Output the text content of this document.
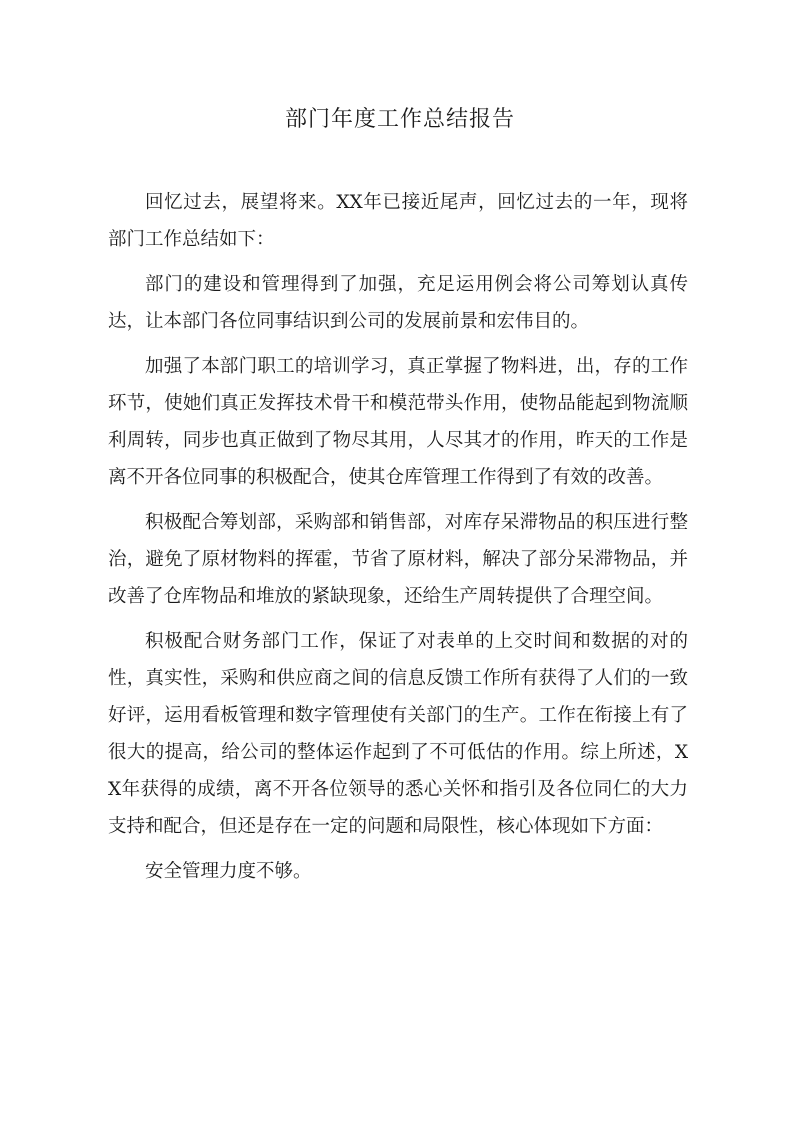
部门年度工作总结报告

回忆过去，展望将来。XX年已接近尾声，回忆过去的一年，现将部门工作总结如下：

部门的建设和管理得到了加强，充足运用例会将公司筹划认真传达，让本部门各位同事结识到公司的发展前景和宏伟目的。

加强了本部门职工的培训学习，真正掌握了物料进，出，存的工作环节，使她们真正发挥技术骨干和模范带头作用，使物品能起到物流顺利周转，同步也真正做到了物尽其用，人尽其才的作用，昨天的工作是离不开各位同事的积极配合，使其仓库管理工作得到了有效的改善。

积极配合筹划部，采购部和销售部，对库存呆滞物品的积压进行整治，避免了原材物料的挥霍，节省了原材料，解决了部分呆滞物品，并改善了仓库物品和堆放的紧缺现象，还给生产周转提供了合理空间。

积极配合财务部门工作，保证了对表单的上交时间和数据的对的性，真实性，采购和供应商之间的信息反馈工作所有获得了人们的一致好评，运用看板管理和数字管理使有关部门的生产。工作在衔接上有了很大的提高，给公司的整体运作起到了不可低估的作用。综上所述，XX年获得的成绩，离不开各位领导的悉心关怀和指引及各位同仁的大力支持和配合，但还是存在一定的问题和局限性，核心体现如下方面：

安全管理力度不够。
